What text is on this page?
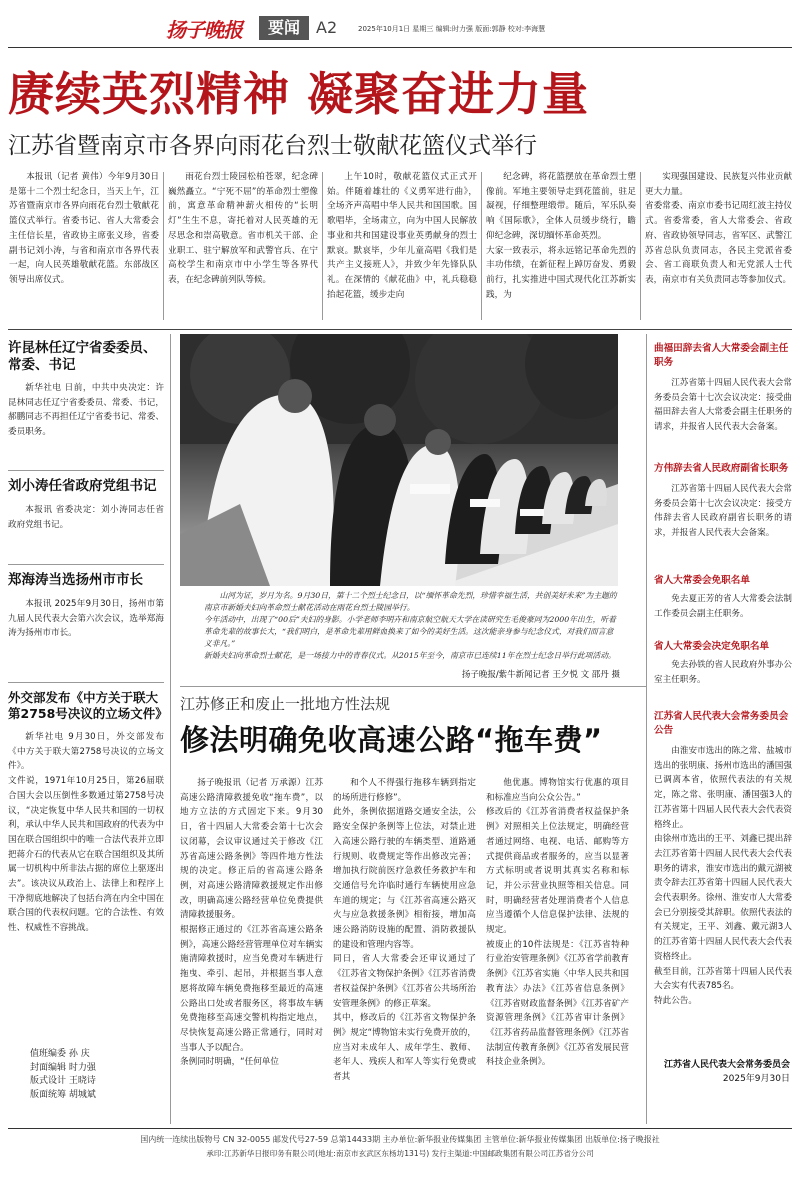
扬子晚报	要闻	A2	2025年10月1日 星期三 编辑:时力强 版面:郭静 校对:李海慧
赓续英烈精神 凝聚奋进力量
江苏省暨南京市各界向雨花台烈士敬献花篮仪式举行

本报讯（记者 黄伟）今年9月30日是第十二个烈士纪念日，当天上午，江苏省暨南京市各界向雨花台烈士敬献花篮仪式举行。省委书记、省人大常委会主任信长星，省政协主席张义珍，省委副书记刘小涛，与省和南京市各界代表一起，向人民英雄敬献花篮。东部战区领导出席仪式。

雨花台烈士陵园松柏苍翠，纪念碑巍然矗立。“宁死不屈”的革命烈士塑像前，寓意革命精神薪火相传的“长明灯”生生不息，寄托着对人民英雄的无尽思念和崇高敬意。省市机关干部、企业职工、驻宁解放军和武警官兵、在宁高校学生和南京市中小学生等各界代表，在纪念碑前列队等候。

上午10时，敬献花篮仪式正式开始。伴随着雄壮的《义勇军进行曲》，全场齐声高唱中华人民共和国国歌。国歌唱毕，全场肃立，向为中国人民解放事业和共和国建设事业英勇献身的烈士默哀。默哀毕，少年儿童高唱《我们是共产主义接班人》，并致少年先锋队队礼。在深情的《献花曲》中，礼兵稳稳抬起花篮，缓步走向

纪念碑，将花篮摆放在革命烈士塑像前。军地主要领导走到花篮前，驻足凝视，仔细整理缎带。随后，军乐队奏响《国际歌》，全体人员缓步绕行，瞻仰纪念碑，深切缅怀革命英烈。
大家一致表示，将永远铭记革命先烈的丰功伟绩，在新征程上踔厉奋发、勇毅前行，扎实推进中国式现代化江苏新实践，为
实现强国建设、民族复兴伟业贡献更大力量。
省委常委、南京市委书记周红波主持仪式。省委常委，省人大常委会、省政府、省政协领导同志，省军区、武警江苏省总队负责同志，各民主党派省委会、省工商联负责人和无党派人士代表，南京市有关负责同志等参加仪式。
许昆林任辽宁省委委员、常委、书记

新华社电 日前，中共中央决定：许昆林同志任辽宁省委委员、常委、书记，郝鹏同志不再担任辽宁省委书记、常委、委员职务。

刘小涛任省政府党组书记

本报讯 省委决定：刘小涛同志任省政府党组书记。

郑海涛当选扬州市市长

本报讯 2025年9月30日，扬州市第九届人民代表大会第六次会议，选举郑海涛为扬州市市长。

外交部发布《中方关于联大第2758号决议的立场文件》
新华社电 9月30日，外交部发布《中方关于联大第2758号决议的立场文件》。
文件说，1971年10月25日，第26届联合国大会以压倒性多数通过第2758号决议，“决定恢复中华人民共和国的一切权利，承认中华人民共和国政府的代表为中国在联合国组织中的唯一合法代表并立即把蒋介石的代表从它在联合国组织及其所属一切机构中所非法占据的席位上驱逐出去”。该决议从政治上、法律上和程序上干净彻底地解决了包括台湾在内全中国在联合国的代表权问题。它的合法性、有效性、权威性不容挑战。
值班编委 孙 庆
封面编辑 时力强
版式设计 王晓诗
版面统筹 胡城斌
山河为证，岁月为名。9月30日，第十二个烈士纪念日，以“缅怀革命先烈，珍惜幸福生活，共创美好未来”为主题的南京市新婚夫妇向革命烈士献花活动在雨花台烈士陵园举行。
今年活动中，出现了“00后”夫妇的身影。小学老师李明卉和南京航空航天大学在读研究生毛俊豪同为2000年出生，听着革命先辈的故事长大，“我们明白，是革命先辈用鲜血换来了如今的美好生活。这次能亲身参与纪念仪式，对我们而言意义非凡。”
新婚夫妇向革命烈士献花，是一场接力中的青春仪式。从2015年至今，南京市已连续11年在烈士纪念日举行此项活动。
扬子晚报/紫牛新闻记者 王夕悦 文 邵丹 摄
江苏修正和废止一批地方性法规
修法明确免收高速公路“拖车费”
扬子晚报讯（记者 万承源）江苏高速公路清障救援免收“拖车费”，以地方立法的方式固定下来。9月30日，省十四届人大常委会第十七次会议闭幕，会议审议通过关于修改《江苏省高速公路条例》等四件地方性法规的决定。修正后的省高速公路条例，对高速公路清障救援规定作出修改，明确高速公路经营单位免费提供清障救援服务。
根据修正通过的《江苏省高速公路条例》，高速公路经营管理单位对车辆实施清障救援时，应当免费对车辆进行拖曳、牵引、起吊，并根据当事人意愿将故障车辆免费拖移至最近的高速公路出口处或者服务区，将事故车辆免费拖移至高速交警机构指定地点，尽快恢复高速公路正常通行，同时对当事人予以配合。
条例同时明确，“任何单位
和个人不得强行拖移车辆到指定的场所进行修修”。
此外，条例依据道路交通安全法，公路安全保护条例等上位法，对禁止进入高速公路行驶的车辆类型、道路通行规则、收费规定等作出修改完善；增加执行院前医疗急救任务救护车和交通信号允许临时通行车辆使用应急车道的规定；与《江苏省高速公路灭火与应急救援条例》相衔接，增加高速公路消防设施的配置、消防救援队的建设和管理内容等。
同日，省人大常委会还审议通过了《江苏省文物保护条例》《江苏省消费者权益保护条例》《江苏省公共场所治安管理条例》的修正草案。
其中，修改后的《江苏省文物保护条例》规定“博物馆未实行免费开放的，应当对未成年人、成年学生、教师、老年人、残疾人和军人等实行免费或者其
他优惠。博物馆实行优惠的项目和标准应当向公众公告。”
修改后的《江苏省消费者权益保护条例》对照相关上位法规定，明确经营者通过网络、电视、电话、邮购等方式提供商品或者服务的，应当以显著方式标明或者说明其真实名称和标记，并公示营业执照等相关信息。同时，明确经营者处理消费者个人信息应当遵循个人信息保护法律、法规的规定。
被废止的10件法规是：《江苏省特种行业治安管理条例》《江苏省学前教育条例》《江苏省实施〈中华人民共和国教育法〉办法》《江苏省信息条例》《江苏省财政监督条例》《江苏省矿产资源管理条例》《江苏省审计条例》《江苏省药品监督管理条例》《江苏省法制宣传教育条例》《江苏省发展民营科技企业条例》。
曲福田辞去省人大常委会副主任职务

江苏省第十四届人民代表大会常务委员会第十七次会议决定：接受曲福田辞去省人大常委会副主任职务的请求，并报省人民代表大会备案。

方伟辞去省人民政府副省长职务

江苏省第十四届人民代表大会常务委员会第十七次会议决定：接受方伟辞去省人民政府副省长职务的请求，并报省人民代表大会备案。

省人大常委会免职名单

免去夏正芳的省人大常委会法制工作委员会副主任职务。

省人大常委会决定免职名单

免去孙铁的省人民政府外事办公室主任职务。

江苏省人民代表大会常务委员会公告
由淮安市选出的陈之常、盐城市选出的张明康、扬州市选出的潘国强已调离本省，依照代表法的有关规定，陈之常、张明康、潘国强3人的江苏省第十四届人民代表大会代表资格终止。
由徐州市选出的王平、刘鑫已提出辞去江苏省第十四届人民代表大会代表职务的请求，淮安市选出的戴元湖被责令辞去江苏省第十四届人民代表大会代表职务。徐州、淮安市人大常委会已分别接受其辞职。依照代表法的有关规定，王平、刘鑫、戴元湖3人的江苏省第十四届人民代表大会代表资格终止。
截至目前，江苏省第十四届人民代表大会实有代表785名。
特此公告。
江苏省人民代表大会常务委员会
2025年9月30日
国内统一连续出版物号 CN 32-0055 邮发代号27-59 总第14433期 主办单位:新华报业传媒集团 主管单位:新华报业传媒集团 出版单位:扬子晚报社
承印:江苏新华日报印务有限公司(地址:南京市玄武区东杨坊131号) 发行主渠道:中国邮政集团有限公司江苏省分公司
